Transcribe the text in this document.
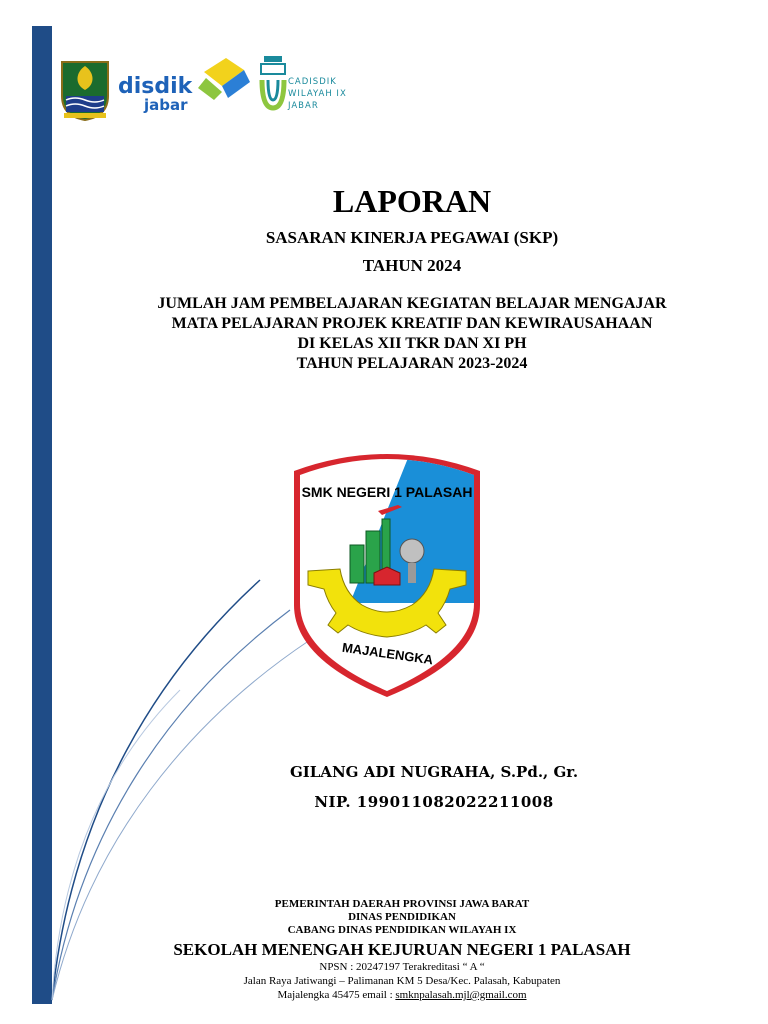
disdik
jabar
CADISDIK
WILAYAH IX
JABAR
LAPORAN
SASARAN KINERJA PEGAWAI (SKP)
TAHUN 2024
JUMLAH JAM PEMBELAJARAN KEGIATAN BELAJAR MENGAJAR
MATA PELAJARAN PROJEK KREATIF DAN KEWIRAUSAHAAN
DI KELAS XII TKR DAN XI PH
TAHUN PELAJARAN 2023-2024
SMK NEGERI 1 PALASAH
MAJALENGKA
GILANG ADI NUGRAHA, S.Pd., Gr.
NIP. 199011082022211008
PEMERINTAH DAERAH PROVINSI JAWA BARAT
DINAS PENDIDIKAN
CABANG DINAS PENDIDIKAN WILAYAH IX
SEKOLAH MENENGAH KEJURUAN NEGERI 1 PALASAH
NPSN : 20247197 Terakreditasi “ A “
Jalan Raya Jatiwangi – Palimanan KM 5 Desa/Kec. Palasah, Kabupaten
Majalengka 45475 email : smknpalasah.mjl@gmail.com
